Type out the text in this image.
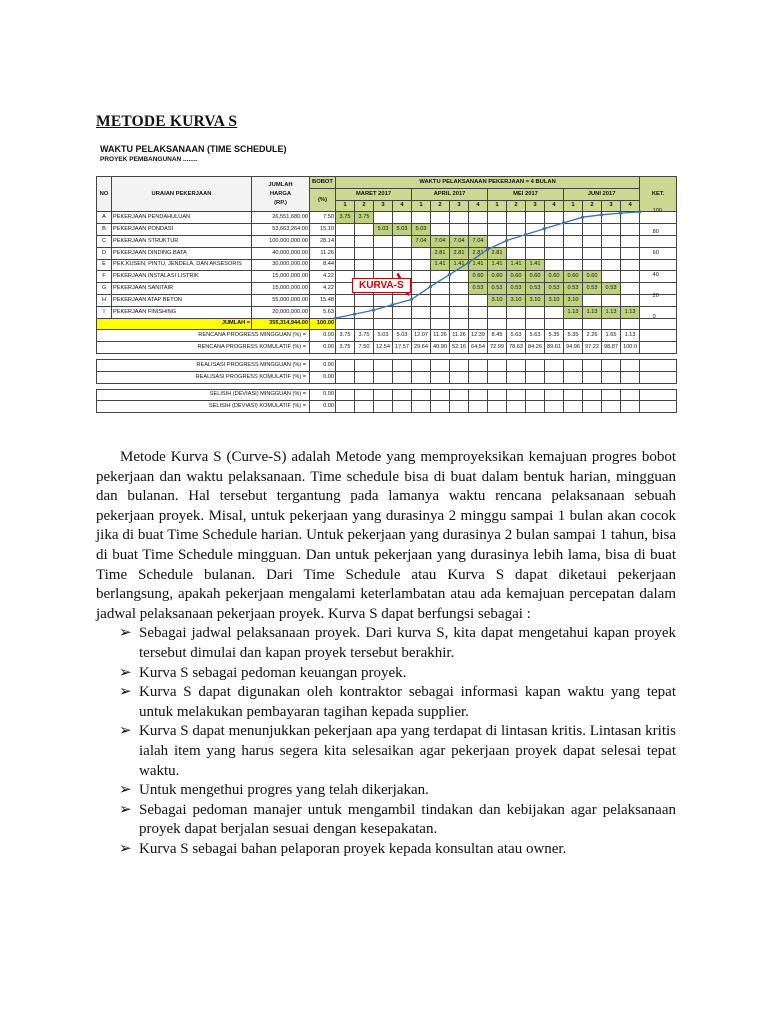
METODE KURVA S
WAKTU PELAKSANAAN (TIME SCHEDULE)
PROYEK PEMBANGUNAN ........
NO	URAIAN PEKERJAAN	JUMLAH
HARGA
(RP.)	BOBOT	WAKTU PELAKSANAAN PEKERJAAN = 4 BULAN																KET.
			(%)	MARET 2017				APRIL 2017				MEI 2017				JUNI 2017				
				1	2	3	4	1	2	3	4	1	2	3	4	1	2	3	4	
A	PEKERJAAN PENDAHULUAN	26,551,680.00	7.50	3.75	3.75															
B	PEKERJAAN PONDASI	53,663,264.00	15.10			5.03	5.03	5.03												
C	PEKERJAAN STRUKTUR	100,000,000.00	28.14					7.04	7.04	7.04	7.04									
D	PEKERJAAN DINDING BATA	40,000,000.00	11.26						2.81	2.81	2.81	2.81								
E	PEK.KUSEN, PINTU, JENDELA, DAN AKSESORIS	30,000,000.00	8.44						1.41	1.41	1.41	1.41	1.41	1.41						
F	PEKERJAAN INSTALASI LISTRIK	15,000,000.00	4.22								0.60	0.60	0.60	0.60	0.60	0.60	0.60			
G	PEKERJAAN SANITAIR	15,000,000.00	4.22								0.53	0.53	0.53	0.53	0.53	0.53	0.53	0.53		
H	PEKERJAAN ATAP BETON	55,000,000.00	15.48									3.10	3.10	3.10	3.10	3.10				
I	PEKERJAAN FINISHING	20,000,000.00	5.63													1.13	1.13	1.13	1.13	
JUMLAH =		355,314,944.00	100.00																	
RENCANA PROGRESS MINGGUAN (%) =			0.00	3.75	3.75	5.03	5.03	12.07	11.26	11.26	12.39	8.45	5.63	5.63	5.35	5.35	2.26	1.65	1.13	
RENCANA PROGRESS KOMULATIF (%) =			0.00	3.75	7.50	12.54	17.57	29.64	40.90	52.16	64.54	72.99	78.63	84.26	89.61	94.96	97.22	98.87	100.0	

REALISASI PROGRESS MINGGUAN (%) =			0.00																	
REALISASI PROGRESS KOMULATIF (%) =			0.00																	

SELISIH (DEVIASI) MINGGUAN (%) =			0.00																	
SELISIH (DEVIASI) KOMULATIF (%) =			0.00																	
100
80
60
40
20
0
KURVA-S

Metode Kurva S (Curve-S) adalah Metode yang memproyeksikan kemajuan progres bobot pekerjaan dan waktu pelaksanaan. Time schedule bisa di buat dalam bentuk harian, mingguan dan bulanan. Hal tersebut tergantung pada lamanya waktu rencana pelaksanaan sebuah pekerjaan proyek. Misal, untuk pekerjaan yang durasinya 2 minggu sampai 1 bulan akan cocok jika di buat Time Schedule harian. Untuk pekerjaan yang durasinya 2 bulan sampai 1 tahun, bisa di buat Time Schedule mingguan. Dan untuk pekerjaan yang durasinya lebih lama, bisa di buat Time Schedule bulanan. Dari Time Schedule atau Kurva S dapat diketaui pekerjaan berlangsung, apakah pekerjaan mengalami keterlambatan atau ada kemajuan percepatan dalam jadwal pelaksanaan pekerjaan proyek. Kurva S dapat berfungsi sebagai :

➢ Sebagai jadwal pelaksanaan proyek. Dari kurva S, kita dapat mengetahui kapan proyek tersebut dimulai dan kapan proyek tersebut berakhir.
➢ Kurva S sebagai pedoman keuangan proyek.
➢ Kurva S dapat digunakan oleh kontraktor sebagai informasi kapan waktu yang tepat untuk melakukan pembayaran tagihan kepada supplier.
➢ Kurva S dapat menunjukkan pekerjaan apa yang terdapat di lintasan kritis. Lintasan kritis ialah item yang harus segera kita selesaikan agar pekerjaan proyek dapat selesai tepat waktu.
➢ Untuk mengethui progres yang telah dikerjakan.
➢ Sebagai pedoman manajer untuk mengambil tindakan dan kebijakan agar pelaksanaan proyek dapat berjalan sesuai dengan kesepakatan.
➢ Kurva S sebagai bahan pelaporan proyek kepada konsultan atau owner.
